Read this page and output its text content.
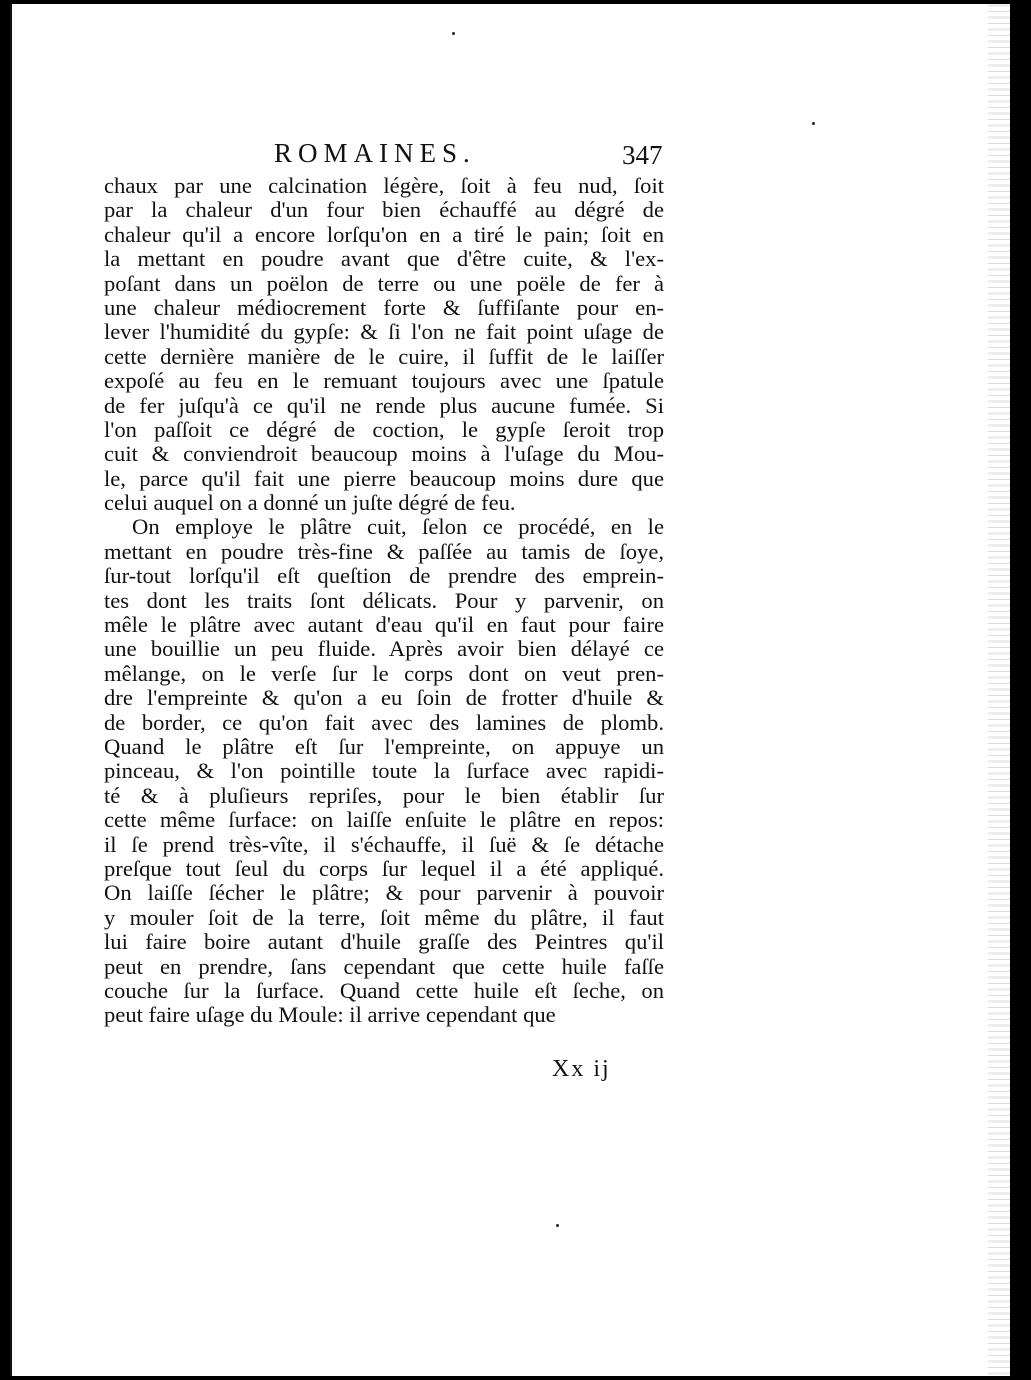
ROMAINES.	347
chaux par une calcination légère, ſoit à feu nud, ſoit
par la chaleur d'un four bien échauffé au dégré de
chaleur qu'il a encore lorſqu'on en a tiré le pain; ſoit en
la mettant en poudre avant que d'être cuite, & l'ex-
poſant dans un poëlon de terre ou une poële de fer à
une chaleur médiocrement forte & ſuffiſante pour en-
lever l'humidité du gypſe: & ſi l'on ne fait point uſage de
cette dernière manière de le cuire, il ſuffit de le laiſſer
expoſé au feu en le remuant toujours avec une ſpatule
de fer juſqu'à ce qu'il ne rende plus aucune fumée. Si
l'on paſſoit ce dégré de coction, le gypſe ſeroit trop
cuit & conviendroit beaucoup moins à l'uſage du Mou-
le, parce qu'il fait une pierre beaucoup moins dure que
celui auquel on a donné un juſte dégré de feu.
On employe le plâtre cuit, ſelon ce procédé, en le
mettant en poudre très-fine & paſſée au tamis de ſoye,
ſur-tout lorſqu'il eſt queſtion de prendre des emprein-
tes dont les traits ſont délicats. Pour y parvenir, on
mêle le plâtre avec autant d'eau qu'il en faut pour faire
une bouillie un peu fluide. Après avoir bien délayé ce
mêlange, on le verſe ſur le corps dont on veut pren-
dre l'empreinte & qu'on a eu ſoin de frotter d'huile &
de border, ce qu'on fait avec des lamines de plomb.
Quand le plâtre eſt ſur l'empreinte, on appuye un
pinceau, & l'on pointille toute la ſurface avec rapidi-
té & à pluſieurs repriſes, pour le bien établir ſur
cette même ſurface: on laiſſe enſuite le plâtre en repos:
il ſe prend très-vîte, il s'échauffe, il ſuë & ſe détache
preſque tout ſeul du corps ſur lequel il a été appliqué.
On laiſſe ſécher le plâtre; & pour parvenir à pouvoir
y mouler ſoit de la terre, ſoit même du plâtre, il faut
lui faire boire autant d'huile graſſe des Peintres qu'il
peut en prendre, ſans cependant que cette huile faſſe
couche ſur la ſurface. Quand cette huile eſt ſeche, on
peut faire uſage du Moule: il arrive cependant que
Xx ij
